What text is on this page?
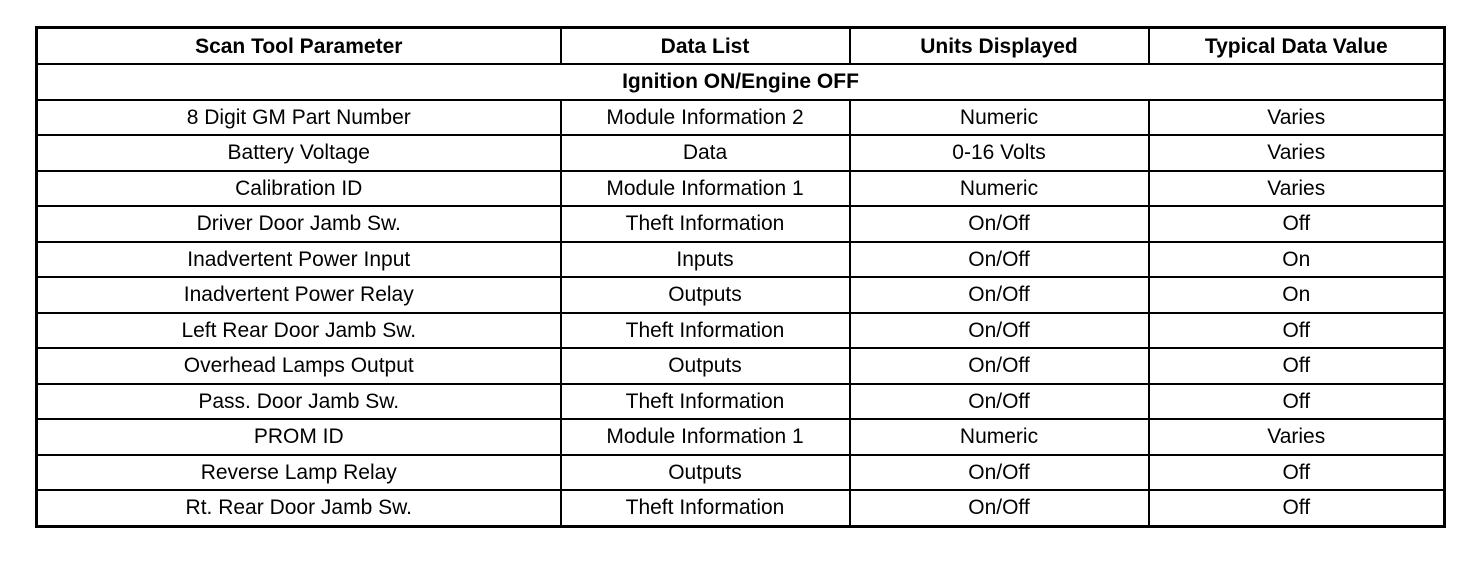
Scan Tool Parameter	Data List	Units Displayed	Typical Data Value
Ignition ON/Engine OFF			
8 Digit GM Part Number	Module Information 2	Numeric	Varies
Battery Voltage	Data	0-16 Volts	Varies
Calibration ID	Module Information 1	Numeric	Varies
Driver Door Jamb Sw.	Theft Information	On/Off	Off
Inadvertent Power Input	Inputs	On/Off	On
Inadvertent Power Relay	Outputs	On/Off	On
Left Rear Door Jamb Sw.	Theft Information	On/Off	Off
Overhead Lamps Output	Outputs	On/Off	Off
Pass. Door Jamb Sw.	Theft Information	On/Off	Off
PROM ID	Module Information 1	Numeric	Varies
Reverse Lamp Relay	Outputs	On/Off	Off
Rt. Rear Door Jamb Sw.	Theft Information	On/Off	Off
